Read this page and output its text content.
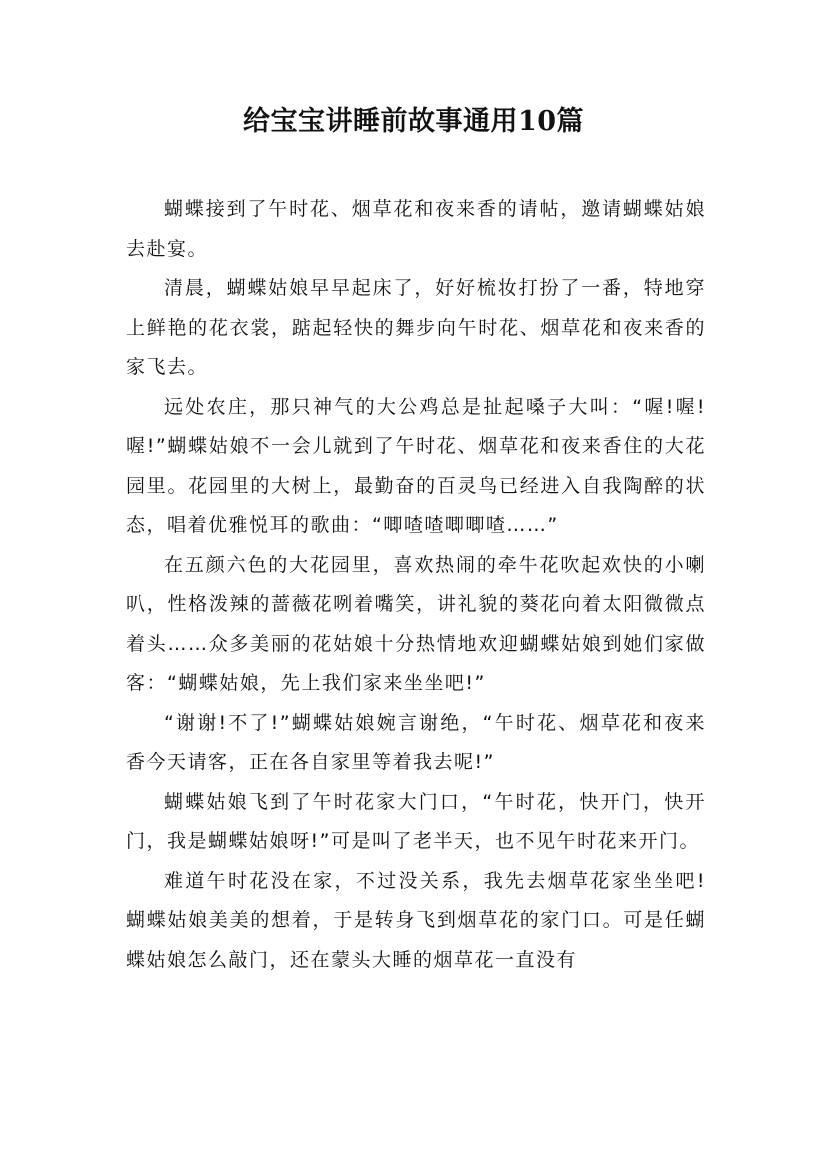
给宝宝讲睡前故事通用10篇

蝴蝶接到了午时花、烟草花和夜来香的请帖，邀请蝴蝶姑娘去赴宴。

清晨，蝴蝶姑娘早早起床了，好好梳妆打扮了一番，特地穿上鲜艳的花衣裳，踮起轻快的舞步向午时花、烟草花和夜来香的家飞去。

远处农庄，那只神气的大公鸡总是扯起嗓子大叫：“喔!喔!喔!”蝴蝶姑娘不一会儿就到了午时花、烟草花和夜来香住的大花园里。花园里的大树上，最勤奋的百灵鸟已经进入自我陶醉的状态，唱着优雅悦耳的歌曲：“唧喳喳唧唧喳……”

在五颜六色的大花园里，喜欢热闹的牵牛花吹起欢快的小喇叭，性格泼辣的蔷薇花咧着嘴笑，讲礼貌的葵花向着太阳微微点着头……众多美丽的花姑娘十分热情地欢迎蝴蝶姑娘到她们家做客：“蝴蝶姑娘，先上我们家来坐坐吧!”

“谢谢!不了!”蝴蝶姑娘婉言谢绝，“午时花、烟草花和夜来香今天请客，正在各自家里等着我去呢!”

蝴蝶姑娘飞到了午时花家大门口，“午时花，快开门，快开门，我是蝴蝶姑娘呀!”可是叫了老半天，也不见午时花来开门。

难道午时花没在家，不过没关系，我先去烟草花家坐坐吧!蝴蝶姑娘美美的想着，于是转身飞到烟草花的家门口。可是任蝴蝶姑娘怎么敲门，还在蒙头大睡的烟草花一直没有
